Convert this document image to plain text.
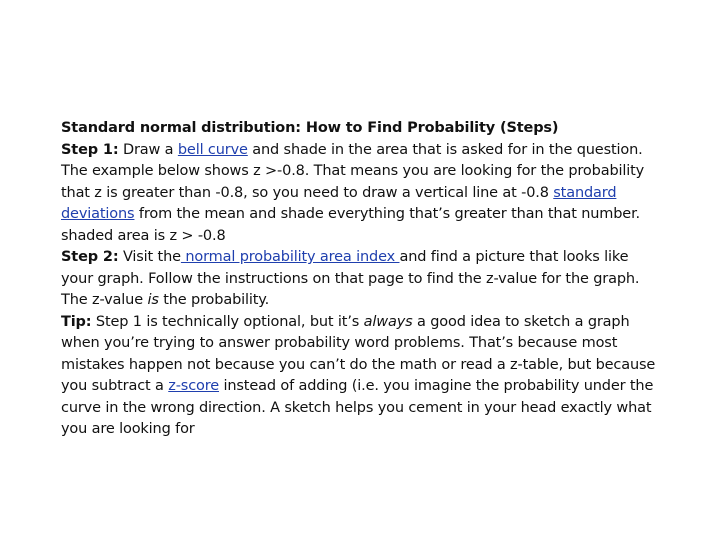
Standard normal distribution: How to Find Probability (Steps)
Step 1: Draw a bell curve and shade in the area that is asked for in the question.
The example below shows z >-0.8. That means you are looking for the probability
that z is greater than -0.8, so you need to draw a vertical line at -0.8 standard
deviations from the mean and shade everything that’s greater than that number.
shaded area is z > -0.8
Step 2: Visit the normal probability area index and find a picture that looks like
your graph. Follow the instructions on that page to find the z-value for the graph.
The z-value is the probability.
Tip: Step 1 is technically optional, but it’s always a good idea to sketch a graph
when you’re trying to answer probability word problems. That’s because most
mistakes happen not because you can’t do the math or read a z-table, but because
you subtract a z-score instead of adding (i.e. you imagine the probability under the
curve in the wrong direction. A sketch helps you cement in your head exactly what
you are looking for
